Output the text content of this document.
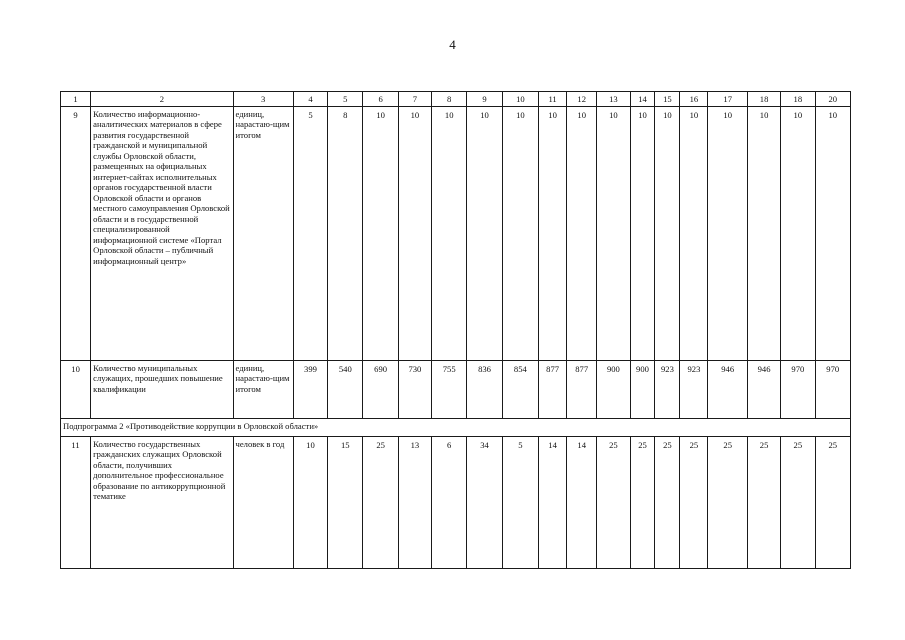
4
1	2	3	4	5	6	7	8	9	10	11	12	13	14	15	16	17	18	18	20
9	Количество информационно-аналитических материалов в сфере развития государственной гражданской и муниципальной службы Орловской области, размещенных на официальных интернет-сайтах исполнительных органов государственной власти Орловской области и органов местного самоуправления Орловской области и в государственной специализированной информационной системе «Портал Орловской области – публичный информационный центр»	единиц, нарастаю-щим итогом	5	8	10	10	10	10	10	10	10	10	10	10	10	10	10	10	10
10	Количество муниципальных служащих, прошедших повышение квалификации	единиц, нарастаю-щим итогом	399	540	690	730	755	836	854	877	877	900	900	923	923	946	946	970	970
Подпрограмма 2 «Противодействие коррупции в Орловской области»																			
11	Количество государственных гражданских служащих Орловской области, получивших дополнительное профессиональное образование по антикоррупционной тематике	человек в год	10	15	25	13	6	34	5	14	14	25	25	25	25	25	25	25	25
